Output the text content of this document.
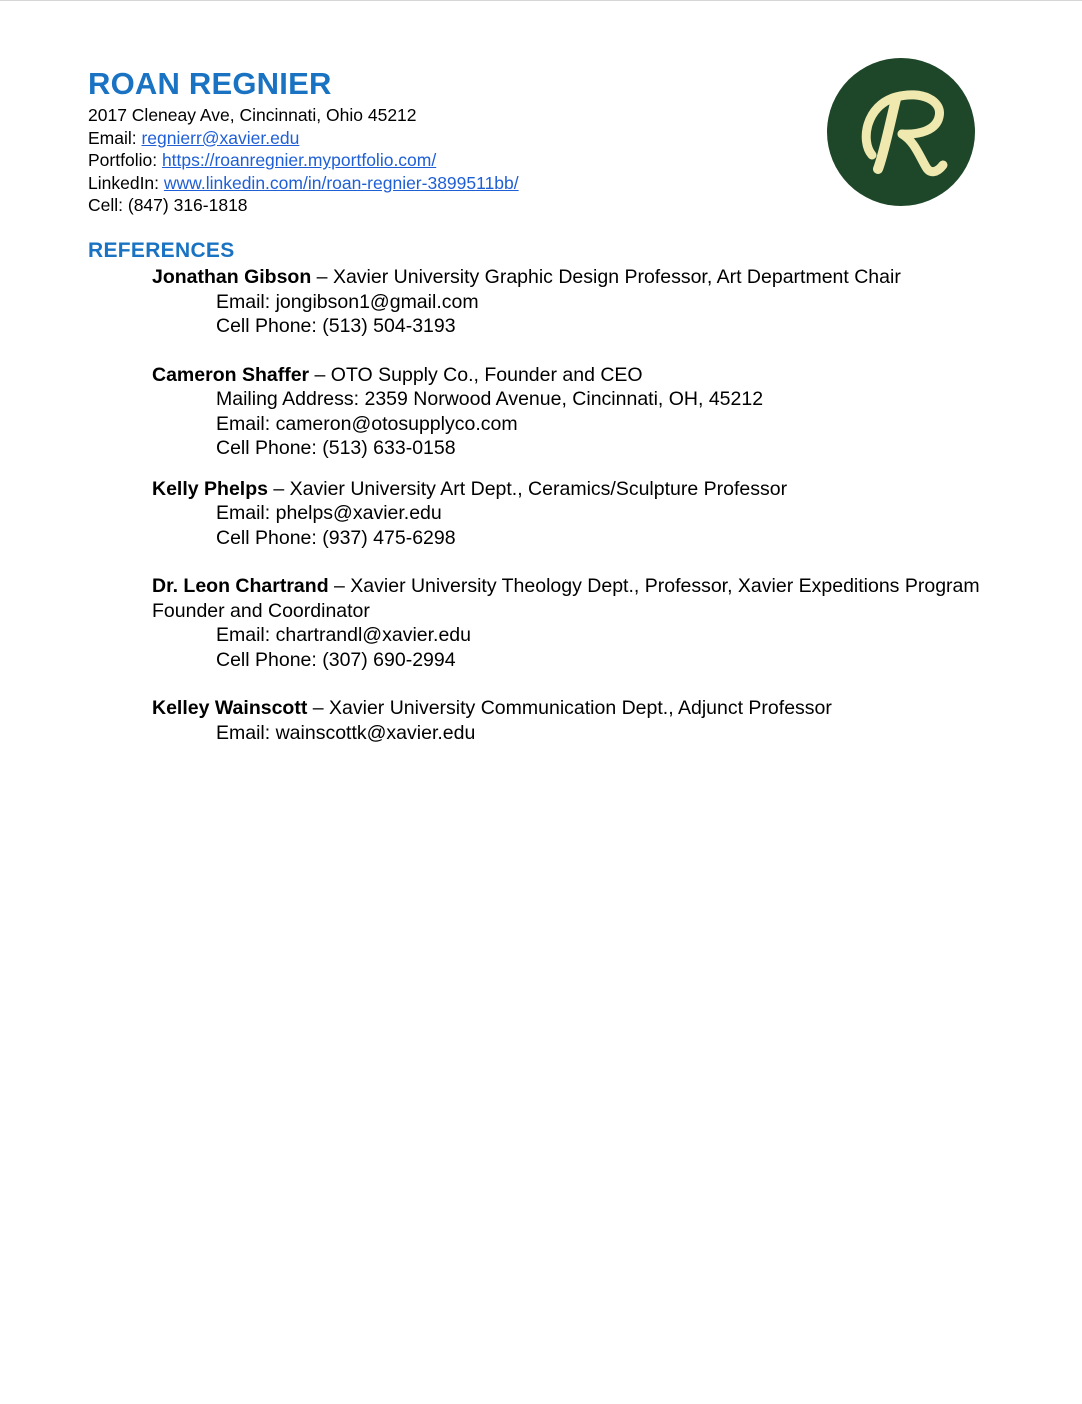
ROAN REGNIER
2017 Cleneay Ave, Cincinnati, Ohio 45212
Email: regnierr@xavier.edu
Portfolio: https://roanregnier.myportfolio.com/
LinkedIn: www.linkedin.com/in/roan-regnier-3899511bb/
Cell: (847) 316-1818
REFERENCES
Jonathan Gibson – Xavier University Graphic Design Professor, Art Department Chair
Email: jongibson1@gmail.com
Cell Phone: (513) 504-3193
Cameron Shaffer – OTO Supply Co., Founder and CEO
Mailing Address: 2359 Norwood Avenue, Cincinnati, OH, 45212
Email: cameron@otosupplyco.com
Cell Phone: (513) 633-0158
Kelly Phelps – Xavier University Art Dept., Ceramics/Sculpture Professor
Email: phelps@xavier.edu
Cell Phone: (937) 475-6298
Dr. Leon Chartrand – Xavier University Theology Dept., Professor, Xavier Expeditions Program Founder and Coordinator
Email: chartrandl@xavier.edu
Cell Phone: (307) 690-2994
Kelley Wainscott – Xavier University Communication Dept., Adjunct Professor
Email: wainscottk@xavier.edu
